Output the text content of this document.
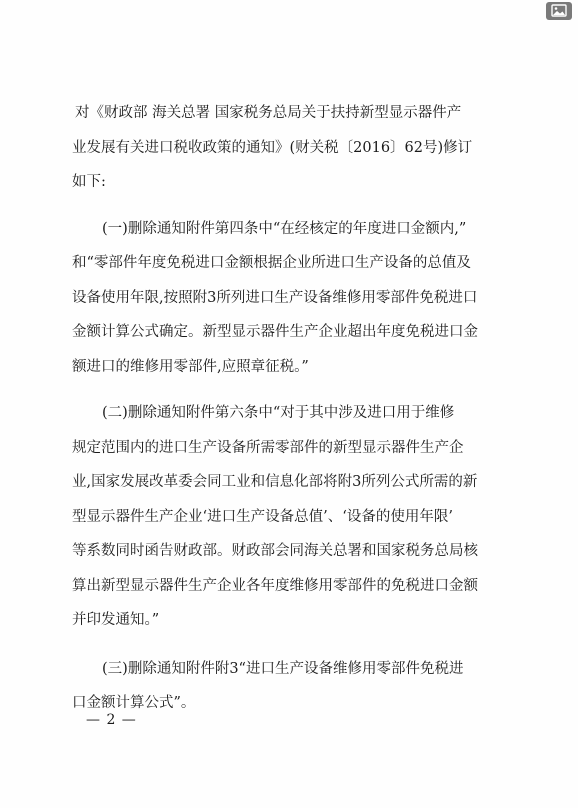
对《财政部 海关总署 国家税务总局关于扶持新型显示器件产
业发展有关进口税收政策的通知》(财关税〔2016〕62号)修订
如下:

(一)删除通知附件第四条中“在经核定的年度进口金额内,”
和“零部件年度免税进口金额根据企业所进口生产设备的总值及
设备使用年限,按照附3所列进口生产设备维修用零部件免税进口
金额计算公式确定。新型显示器件生产企业超出年度免税进口金
额进口的维修用零部件,应照章征税。”

(二)删除通知附件第六条中“对于其中涉及进口用于维修
规定范围内的进口生产设备所需零部件的新型显示器件生产企
业,国家发展改革委会同工业和信息化部将附3所列公式所需的新
型显示器件生产企业‘进口生产设备总值’、‘设备的使用年限’
等系数同时函告财政部。财政部会同海关总署和国家税务总局核
算出新型显示器件生产企业各年度维修用零部件的免税进口金额
并印发通知。”

(三)删除通知附件附3“进口生产设备维修用零部件免税进
口金额计算公式”。

— 2 —
